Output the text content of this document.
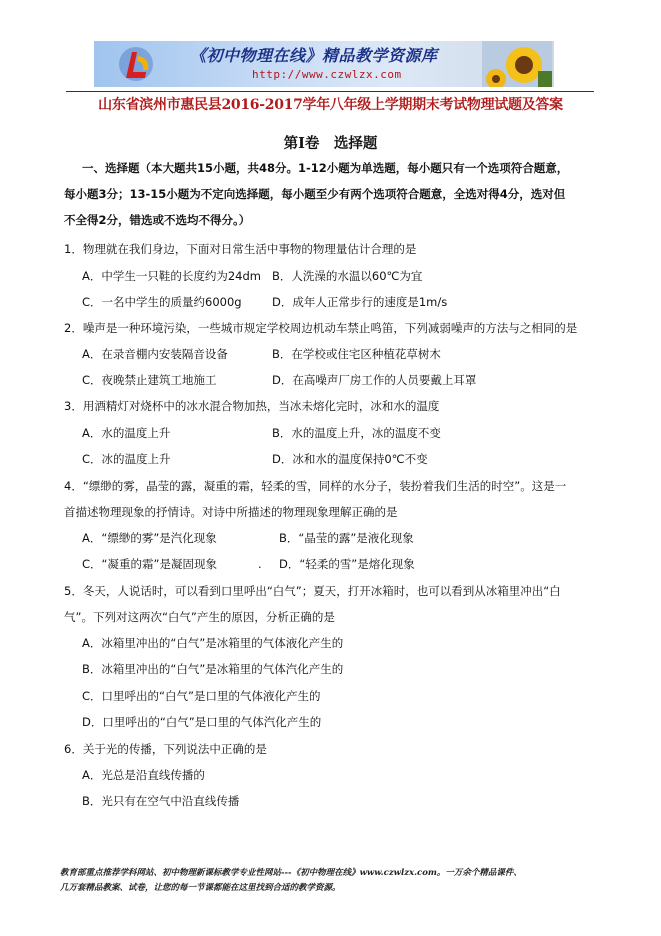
《初中物理在线》精品教学资源库
http://www.czwlzx.com
山东省滨州市惠民县2016-2017学年八年级上学期期末考试物理试题及答案
第Ⅰ卷　选择题
一、选择题（本大题共15小题，共48分。1-12小题为单选题，每小题只有一个选项符合题意，
每小题3分；13-15小题为不定向选择题，每小题至少有两个选项符合题意，全选对得4分，选对但
不全得2分，错选或不选均不得分。）
1．物理就在我们身边，下面对日常生活中事物的物理量估计合理的是
A．中学生一只鞋的长度约为24dm B．人洗澡的水温以60℃为宜
C．一名中学生的质量约6000g	D．成年人正常步行的速度是1m/s
2．噪声是一种环境污染，一些城市规定学校周边机动车禁止鸣笛，下列减弱噪声的方法与之相同的是
A．在录音棚内安装隔音设备	B．在学校或住宅区种植花草树木
C．夜晚禁止建筑工地施工	D．在高噪声厂房工作的人员要戴上耳罩
3．用酒精灯对烧杯中的冰水混合物加热，当冰未熔化完时，冰和水的温度
A．水的温度上升	B．水的温度上升，冰的温度不变
C．冰的温度上升	D．冰和水的温度保持0℃不变
4．“缥缈的雾，晶莹的露，凝重的霜，轻柔的雪，同样的水分子，装扮着我们生活的时空”。这是一
首描述物理现象的抒情诗。对诗中所描述的物理现象理解正确的是
A．“缥缈的雾”是汽化现象	B．“晶莹的露”是液化现象
C．“凝重的霜”是凝固现象	. D．“轻柔的雪”是熔化现象
5．冬天，人说话时，可以看到口里呼出“白气”；夏天，打开冰箱时，也可以看到从冰箱里冲出“白
气”。下列对这两次“白气”产生的原因，分析正确的是
A．冰箱里冲出的“白气”是冰箱里的气体液化产生的
B．冰箱里冲出的“白气”是冰箱里的气体汽化产生的
C．口里呼出的“白气”是口里的气体液化产生的
D．口里呼出的“白气”是口里的气体汽化产生的
6．关于光的传播，下列说法中正确的是
A．光总是沿直线传播的
B．光只有在空气中沿直线传播
教育部重点推荐学科网站、初中物理新课标教学专业性网站---《初中物理在线》www.czwlzx.com。一万余个精品课件、
几万套精品教案、试卷，让您的每一节课都能在这里找到合适的教学资源。
